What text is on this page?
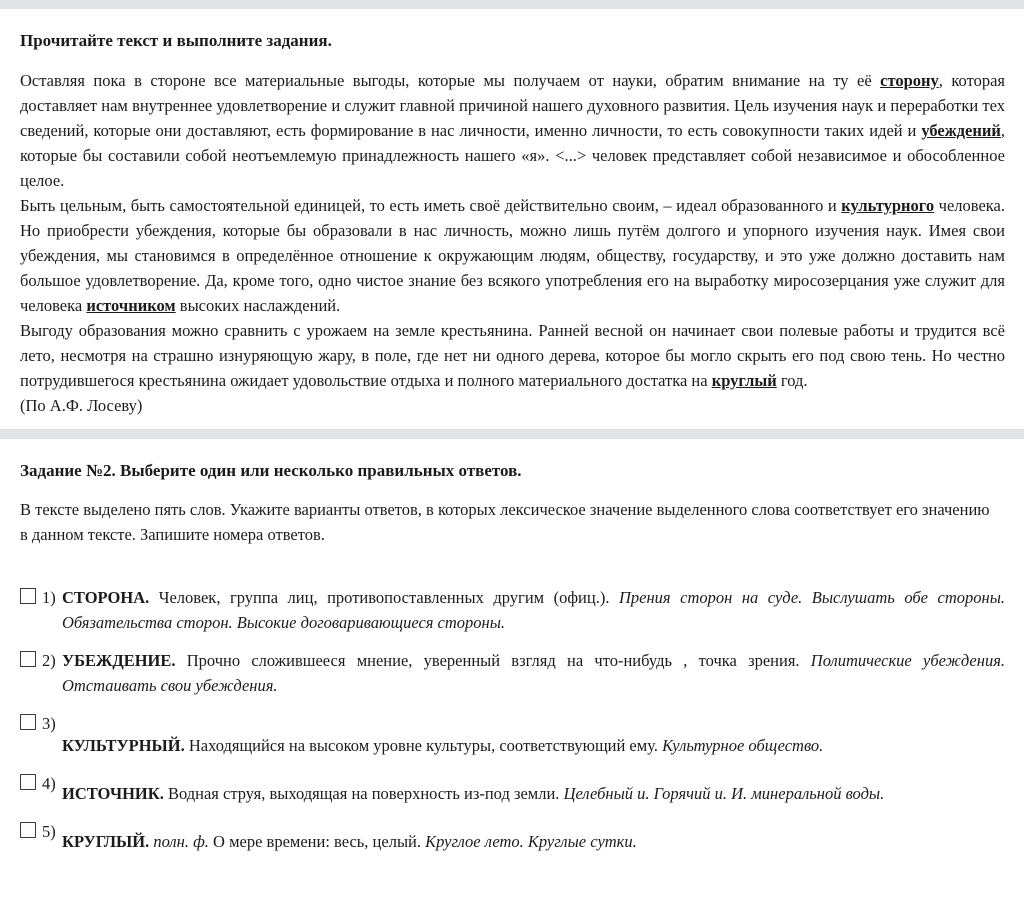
Прочитайте текст и выполните задания.

Оставляя пока в стороне все материальные выгоды, которые мы получаем от науки, обратим внимание на ту её сторону, которая доставляет нам внутреннее удовлетворение и служит главной причиной нашего духовного развития. Цель изучения наук и переработки тех сведений, которые они доставляют, есть формирование в нас личности, именно личности, то есть совокупности таких идей и убеждений, которые бы составили собой неотъемлемую принадлежность нашего «я». <...> человек представляет собой независимое и обособленное целое.

Быть цельным, быть самостоятельной единицей, то есть иметь своё действительно своим, – идеал образованного и культурного человека. Но приобрести убеждения, которые бы образовали в нас личность, можно лишь путём долгого и упорного изучения наук. Имея свои убеждения, мы становимся в определённое отношение к окружающим людям, обществу, государству, и это уже должно доставить нам большое удовлетворение. Да, кроме того, одно чистое знание без всякого употребления его на выработку миросозерцания уже служит для человека источником высоких наслаждений.

Выгоду образования можно сравнить с урожаем на земле крестьянина. Ранней весной он начинает свои полевые работы и трудится всё лето, несмотря на страшно изнуряющую жару, в поле, где нет ни одного дерева, которое бы могло скрыть его под свою тень. Но честно потрудившегося крестьянина ожидает удовольствие отдыха и полного материального достатка на круглый год.

(По А.Ф. Лосеву)

Задание №2. Выберите один или несколько правильных ответов.

В тексте выделено пять слов. Укажите варианты ответов, в которых лексическое значение выделенного слова соответствует его значению

в данном тексте. Запишите номера ответов.

1) СТОРОНА. Человек, группа лиц, противопоставленных другим (офиц.). Прения сторон на суде. Выслушать обе стороны. Обязательства сторон. Высокие договаривающиеся стороны.
2) УБЕЖДЕНИЕ. Прочно сложившееся мнение, уверенный взгляд на что-нибудь , точка зрения. Политические убеждения. Отстаивать свои убеждения.
3)
КУЛЬТУРНЫЙ. Находящийся на высоком уровне культуры, соответствующий ему. Культурное общество.
4)
ИСТОЧНИК. Водная струя, выходящая на поверхность из-под земли. Целебный и. Горячий и. И. минеральной воды.
5)
КРУГЛЫЙ. полн. ф. О мере времени: весь, целый. Круглое лето. Круглые сутки.
